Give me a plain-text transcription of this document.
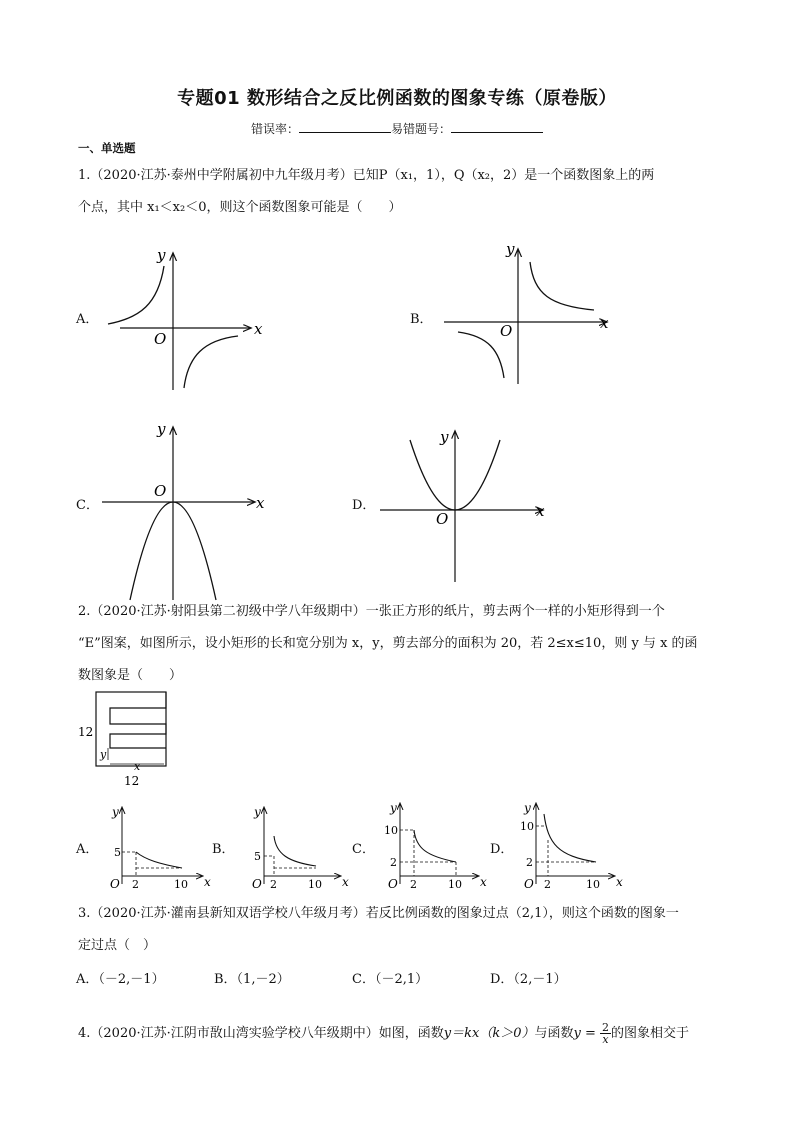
专题01 数形结合之反比例函数的图象专练（原卷版）
错误率：	易错题号：
一、单选题
1.（2020·江苏·泰州中学附属初中九年级月考）已知P（x₁，1），Q（x₂，2）是一个函数图象上的两
个点，其中 x₁＜x₂＜0，则这个函数图象可能是（　　）
A．
x
y
O
B．	x
y
O
C．	x
y
O
D．	x
y
O
2.（2020·江苏·射阳县第二初级中学八年级期中）一张正方形的纸片，剪去两个一样的小矩形得到一个
“E”图案，如图所示，设小矩形的长和宽分别为 x，y，剪去部分的面积为 20，若 2≤x≤10，则 y 与 x 的函
数图象是（　　）
12
12
y
x
A．
y
x
O
5
2	10
B．
y
x
O
5
2	10
C．
y
x
O
10
2
2	10
D．
y
x
O
10
2
2	10
3.（2020·江苏·灌南县新知双语学校八年级月考）若反比例函数的图象过点（2,1），则这个函数的图象一
定过点（　）
A．（－2,－1）	B．（1,－2）	C．（－2,1）	D．（2,－1）
4.（2020·江苏·江阴市敔山湾实验学校八年级期中）如图，函数y＝kx（k＞0）与函数$y = \frac{2}{x}$ 的图象相交于
